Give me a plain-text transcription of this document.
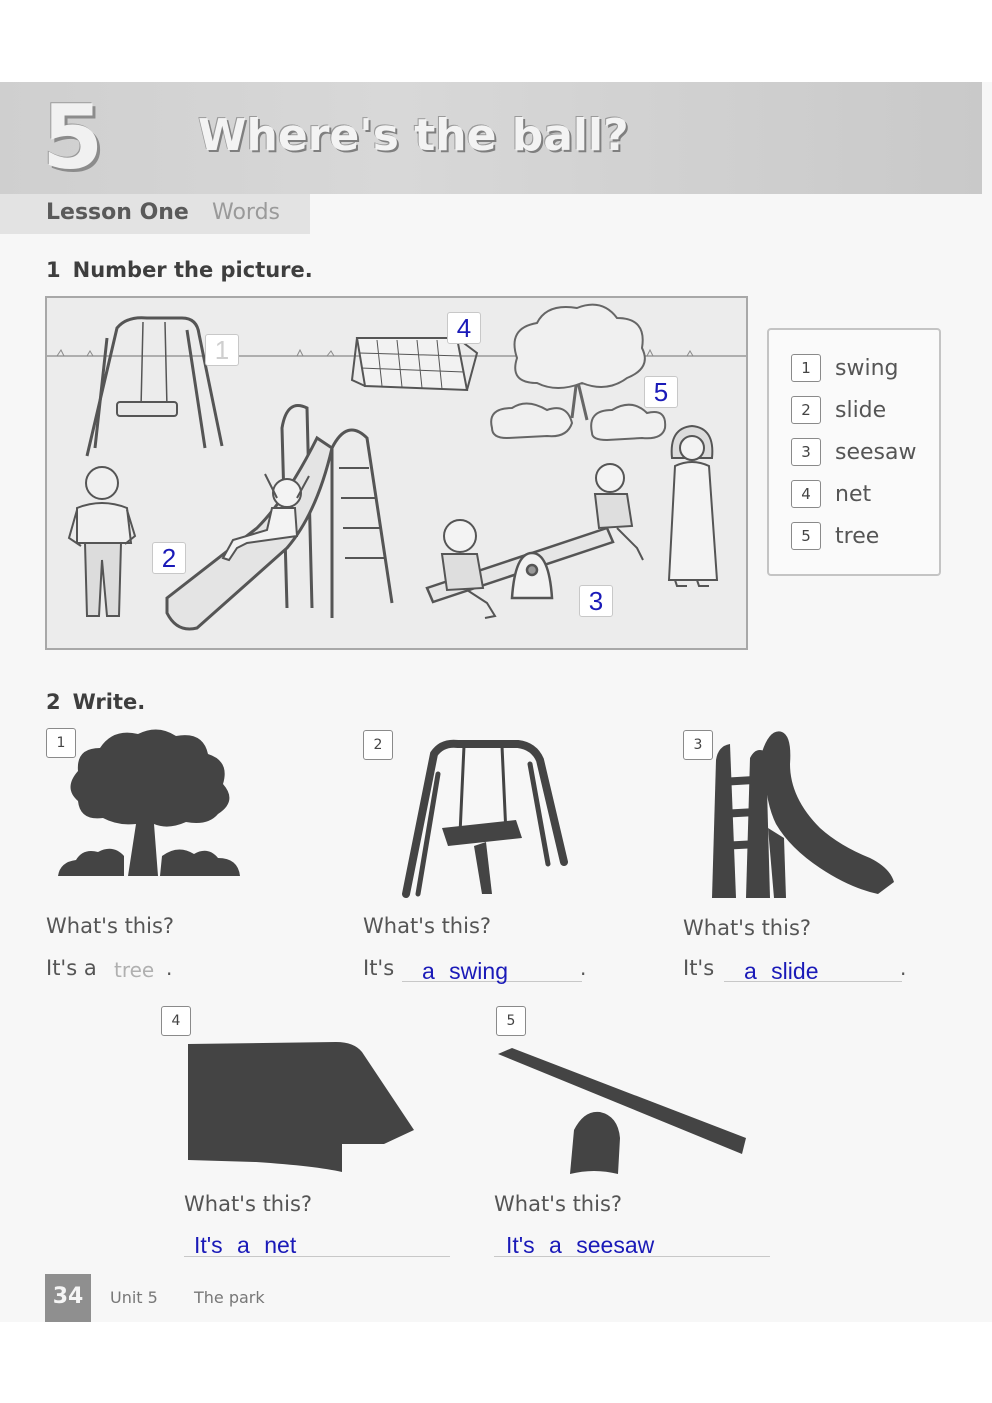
5 Where's the ball?
Lesson One Words
1 Number the picture.
1
4
5
2
3
1	swing
2	slide
3	seesaw
4	net
5	tree
2 Write.
1
What's this?
It's a tree .
2
What's this?
It's a swing	.
3
What's this?
It's a slide	.
4
What's this?
It's a net
5
What's this?
It's a seesaw
34	Unit 5 The park
